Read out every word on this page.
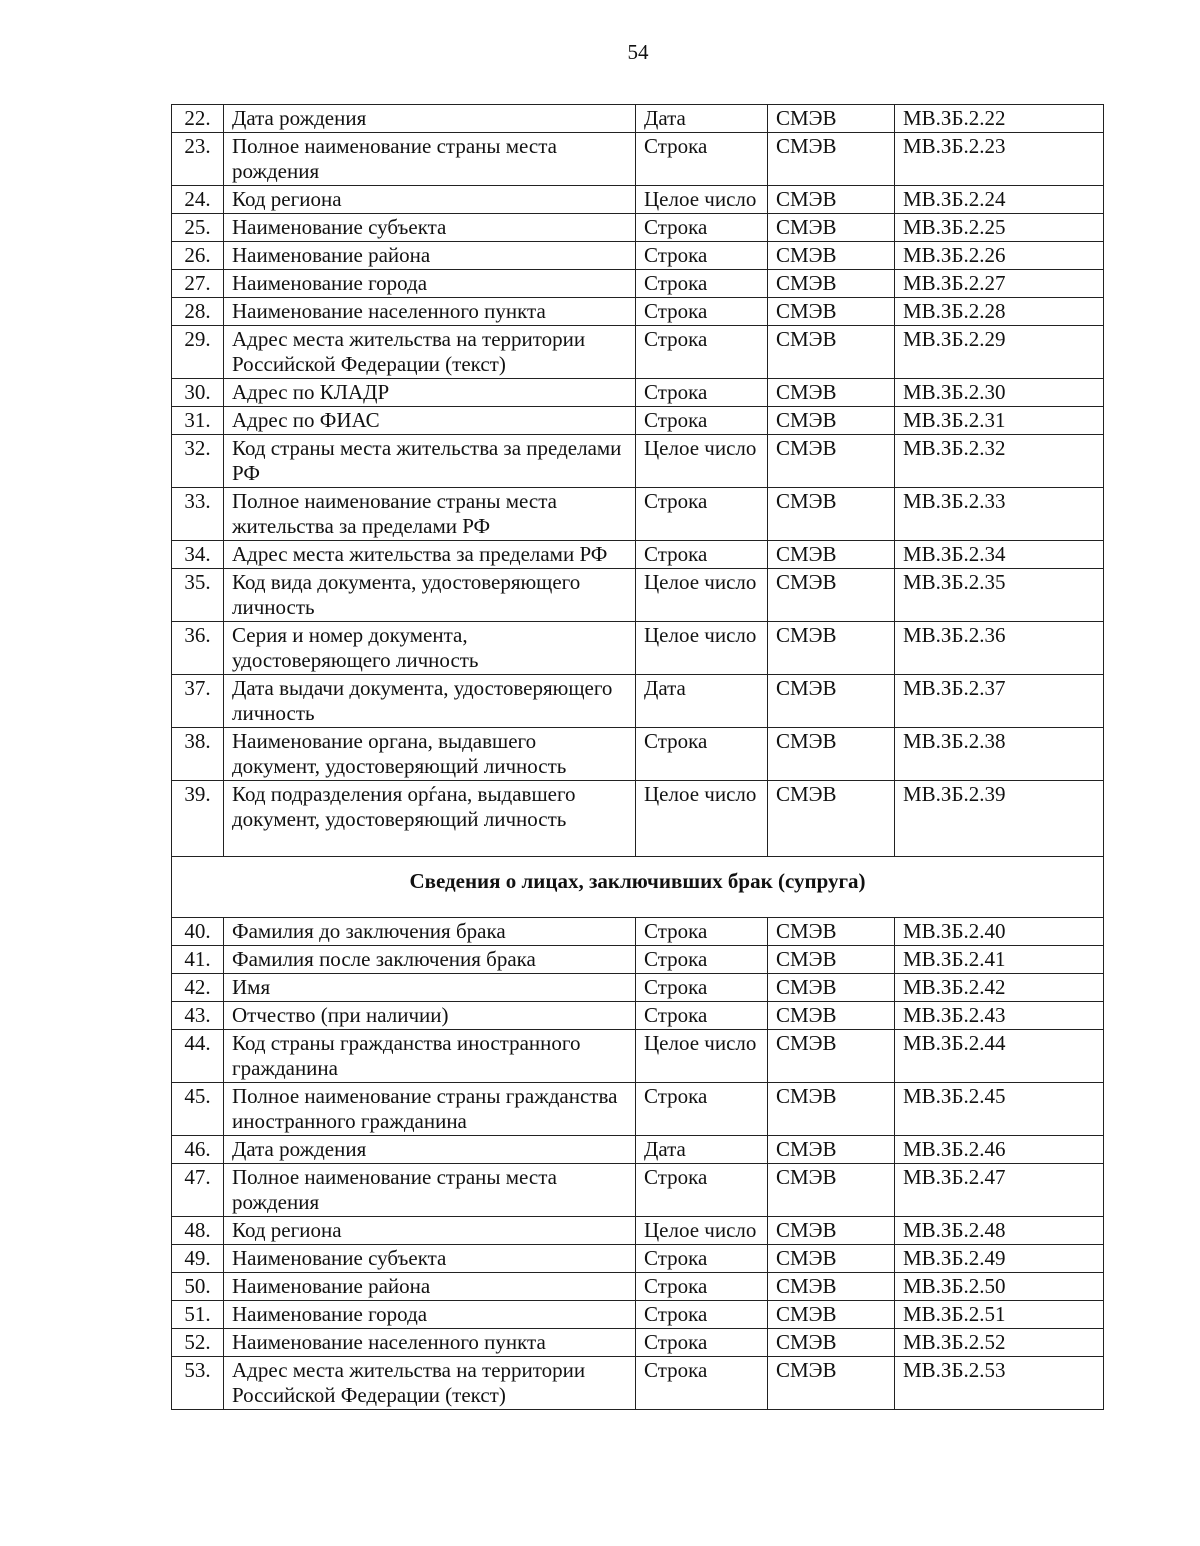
54
22.	Дата рождения	Дата	СМЭВ	МВ.ЗБ.2.22
23.	Полное наименование страны места рождения	Строка	СМЭВ	МВ.ЗБ.2.23
24.	Код региона	Целое число	СМЭВ	МВ.ЗБ.2.24
25.	Наименование субъекта	Строка	СМЭВ	МВ.ЗБ.2.25
26.	Наименование района	Строка	СМЭВ	МВ.ЗБ.2.26
27.	Наименование города	Строка	СМЭВ	МВ.ЗБ.2.27
28.	Наименование населенного пункта	Строка	СМЭВ	МВ.ЗБ.2.28
29.	Адрес места жительства на территории Российской Федерации (текст)	Строка	СМЭВ	МВ.ЗБ.2.29
30.	Адрес по КЛАДР	Строка	СМЭВ	МВ.ЗБ.2.30
31.	Адрес по ФИАС	Строка	СМЭВ	МВ.ЗБ.2.31
32.	Код страны места жительства за пределами РФ	Целое число	СМЭВ	МВ.ЗБ.2.32
33.	Полное наименование страны места жительства за пределами РФ	Строка	СМЭВ	МВ.ЗБ.2.33
34.	Адрес места жительства за пределами РФ	Строка	СМЭВ	МВ.ЗБ.2.34
35.	Код вида документа, удостоверяющего личность	Целое число	СМЭВ	МВ.ЗБ.2.35
36.	Серия и номер документа, удостоверяющего личность	Целое число	СМЭВ	МВ.ЗБ.2.36
37.	Дата выдачи документа, удостоверяющего личность	Дата	СМЭВ	МВ.ЗБ.2.37
38.	Наименование органа, выдавшего документ, удостоверяющий личность	Строка	СМЭВ	МВ.ЗБ.2.38
39.	Код подразделения орѓана, выдавшего документ, удостоверяющий личность	Целое число	СМЭВ	МВ.ЗБ.2.39
Сведения о лицах, заключивших брак (супруга)				
40.	Фамилия до заключения брака	Строка	СМЭВ	МВ.ЗБ.2.40
41.	Фамилия после заключения брака	Строка	СМЭВ	МВ.ЗБ.2.41
42.	Имя	Строка	СМЭВ	МВ.ЗБ.2.42
43.	Отчество (при наличии)	Строка	СМЭВ	МВ.ЗБ.2.43
44.	Код страны гражданства иностранного гражданина	Целое число	СМЭВ	МВ.ЗБ.2.44
45.	Полное наименование страны гражданства иностранного гражданина	Строка	СМЭВ	МВ.ЗБ.2.45
46.	Дата рождения	Дата	СМЭВ	МВ.ЗБ.2.46
47.	Полное наименование страны места рождения	Строка	СМЭВ	МВ.ЗБ.2.47
48.	Код региона	Целое число	СМЭВ	МВ.ЗБ.2.48
49.	Наименование субъекта	Строка	СМЭВ	МВ.ЗБ.2.49
50.	Наименование района	Строка	СМЭВ	МВ.ЗБ.2.50
51.	Наименование города	Строка	СМЭВ	МВ.ЗБ.2.51
52.	Наименование населенного пункта	Строка	СМЭВ	МВ.ЗБ.2.52
53.	Адрес места жительства на территории Российской Федерации (текст)	Строка	СМЭВ	МВ.ЗБ.2.53
